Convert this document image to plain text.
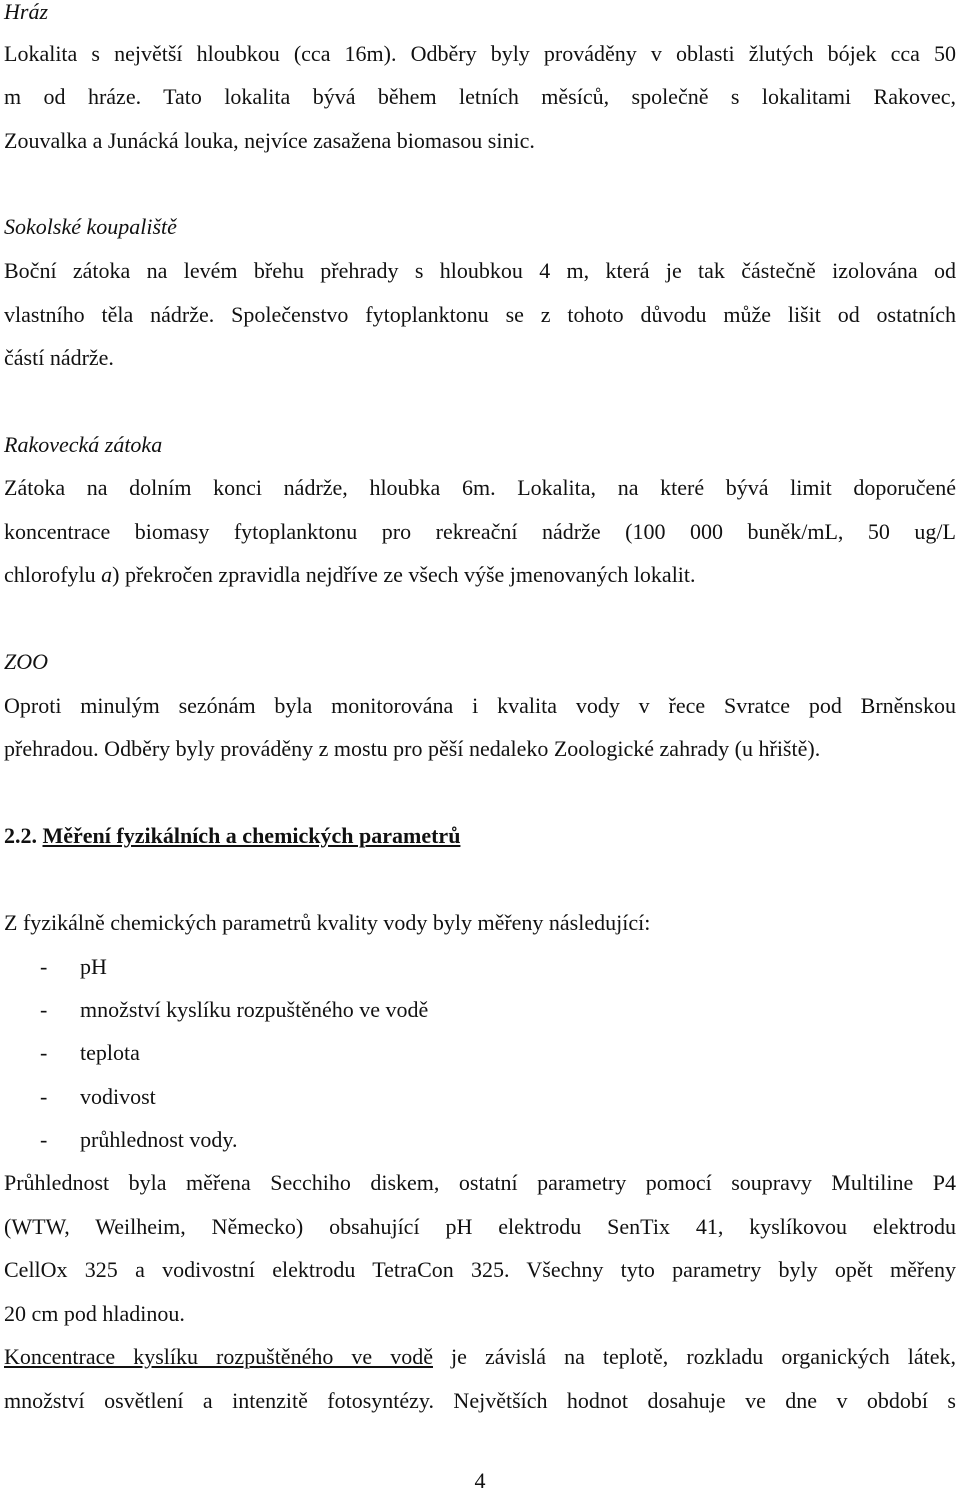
Hráz
Lokalita s největší hloubkou (cca 16m). Odběry byly prováděny v oblasti žlutých bójek cca 50
m od hráze. Tato lokalita bývá během letních měsíců, společně s lokalitami Rakovec,
Zouvalka a Junácká louka, nejvíce zasažena biomasou sinic.
Sokolské koupaliště
Boční zátoka na levém břehu přehrady s hloubkou 4 m, která je tak částečně izolována od
vlastního těla nádrže. Společenstvo fytoplanktonu se z tohoto důvodu může lišit od ostatních
částí nádrže.
Rakovecká zátoka
Zátoka na dolním konci nádrže, hloubka 6m. Lokalita, na které bývá limit doporučené
koncentrace biomasy fytoplanktonu pro rekreační nádrže (100 000 buněk/mL, 50 ug/L
chlorofylu a) překročen zpravidla nejdříve ze všech výše jmenovaných lokalit.
ZOO
Oproti minulým sezónám byla monitorována i kvalita vody v řece Svratce pod Brněnskou
přehradou. Odběry byly prováděny z mostu pro pěší nedaleko Zoologické zahrady (u hřiště).
2.2. Měření fyzikálních a chemických parametrů
Z fyzikálně chemických parametrů kvality vody byly měřeny následující:
- pH
- množství kyslíku rozpuštěného ve vodě
- teplota
- vodivost
- průhlednost vody.
Průhlednost byla měřena Secchiho diskem, ostatní parametry pomocí soupravy Multiline P4
(WTW, Weilheim, Německo) obsahující pH elektrodu SenTix 41, kyslíkovou elektrodu
CellOx 325 a vodivostní elektrodu TetraCon 325. Všechny tyto parametry byly opět měřeny
20 cm pod hladinou.
Koncentrace kyslíku rozpuštěného ve vodě je závislá na teplotě, rozkladu organických látek,
množství osvětlení a intenzitě fotosyntézy. Největších hodnot dosahuje ve dne v období s
4
